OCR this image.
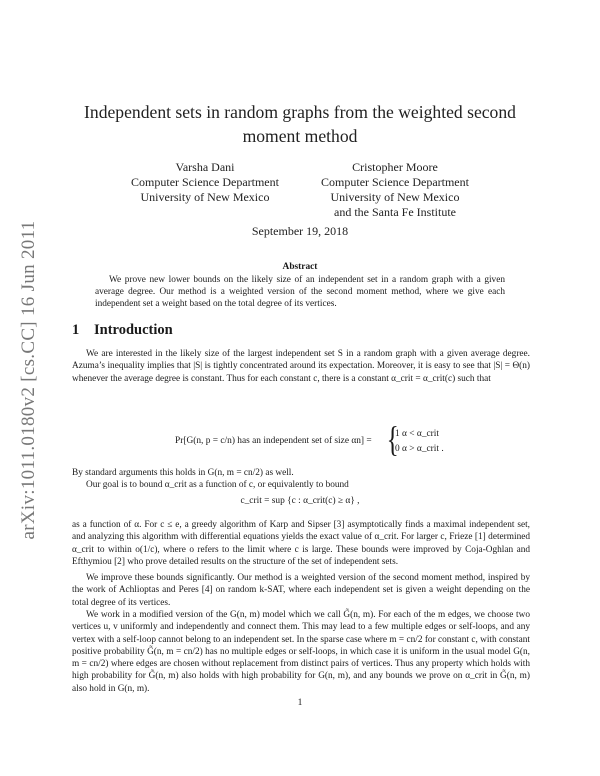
arXiv:1011.0180v2 [cs.CC] 16 Jun 2011
Independent sets in random graphs from the weighted second moment method
Varsha Dani
Computer Science Department
University of New Mexico
Cristopher Moore
Computer Science Department
University of New Mexico
and the Santa Fe Institute
September 19, 2018
Abstract

We prove new lower bounds on the likely size of an independent set in a random graph with a given average degree. Our method is a weighted version of the second moment method, where we give each independent set a weight based on the total degree of its vertices.

1 Introduction

We are interested in the likely size of the largest independent set S in a random graph with a given average degree. Azuma’s inequality implies that |S| is tightly concentrated around its expectation. Moreover, it is easy to see that |S| = Θ(n) whenever the average degree is constant. Thus for each constant c, there is a constant α_crit = α_crit(c) such that

Pr[G(n, p = c/n) has an independent set of size αn] = {
1 α < α_crit
0 α > α_crit .

By standard arguments this holds in G(n, m = cn/2) as well.

Our goal is to bound α_crit as a function of c, or equivalently to bound

c_crit = sup {c : α_crit(c) ≥ α} ,

as a function of α. For c ≤ e, a greedy algorithm of Karp and Sipser [3] asymptotically finds a maximal independent set, and analyzing this algorithm with differential equations yields the exact value of α_crit. For larger c, Frieze [1] determined α_crit to within o(1/c), where o refers to the limit where c is large. These bounds were improved by Coja-Oghlan and Efthymiou [2] who prove detailed results on the structure of the set of independent sets.

We improve these bounds significantly. Our method is a weighted version of the second moment method, inspired by the work of Achlioptas and Peres [4] on random k-SAT, where each independent set is given a weight depending on the total degree of its vertices.

We work in a modified version of the G(n, m) model which we call G̃(n, m). For each of the m edges, we choose two vertices u, v uniformly and independently and connect them. This may lead to a few multiple edges or self-loops, and any vertex with a self-loop cannot belong to an independent set. In the sparse case where m = cn/2 for constant c, with constant positive probability G̃(n, m = cn/2) has no multiple edges or self-loops, in which case it is uniform in the usual model G(n, m = cn/2) where edges are chosen without replacement from distinct pairs of vertices. Thus any property which holds with high probability for G̃(n, m) also holds with high probability for G(n, m), and any bounds we prove on α_crit in G̃(n, m) also hold in G(n, m).

1
